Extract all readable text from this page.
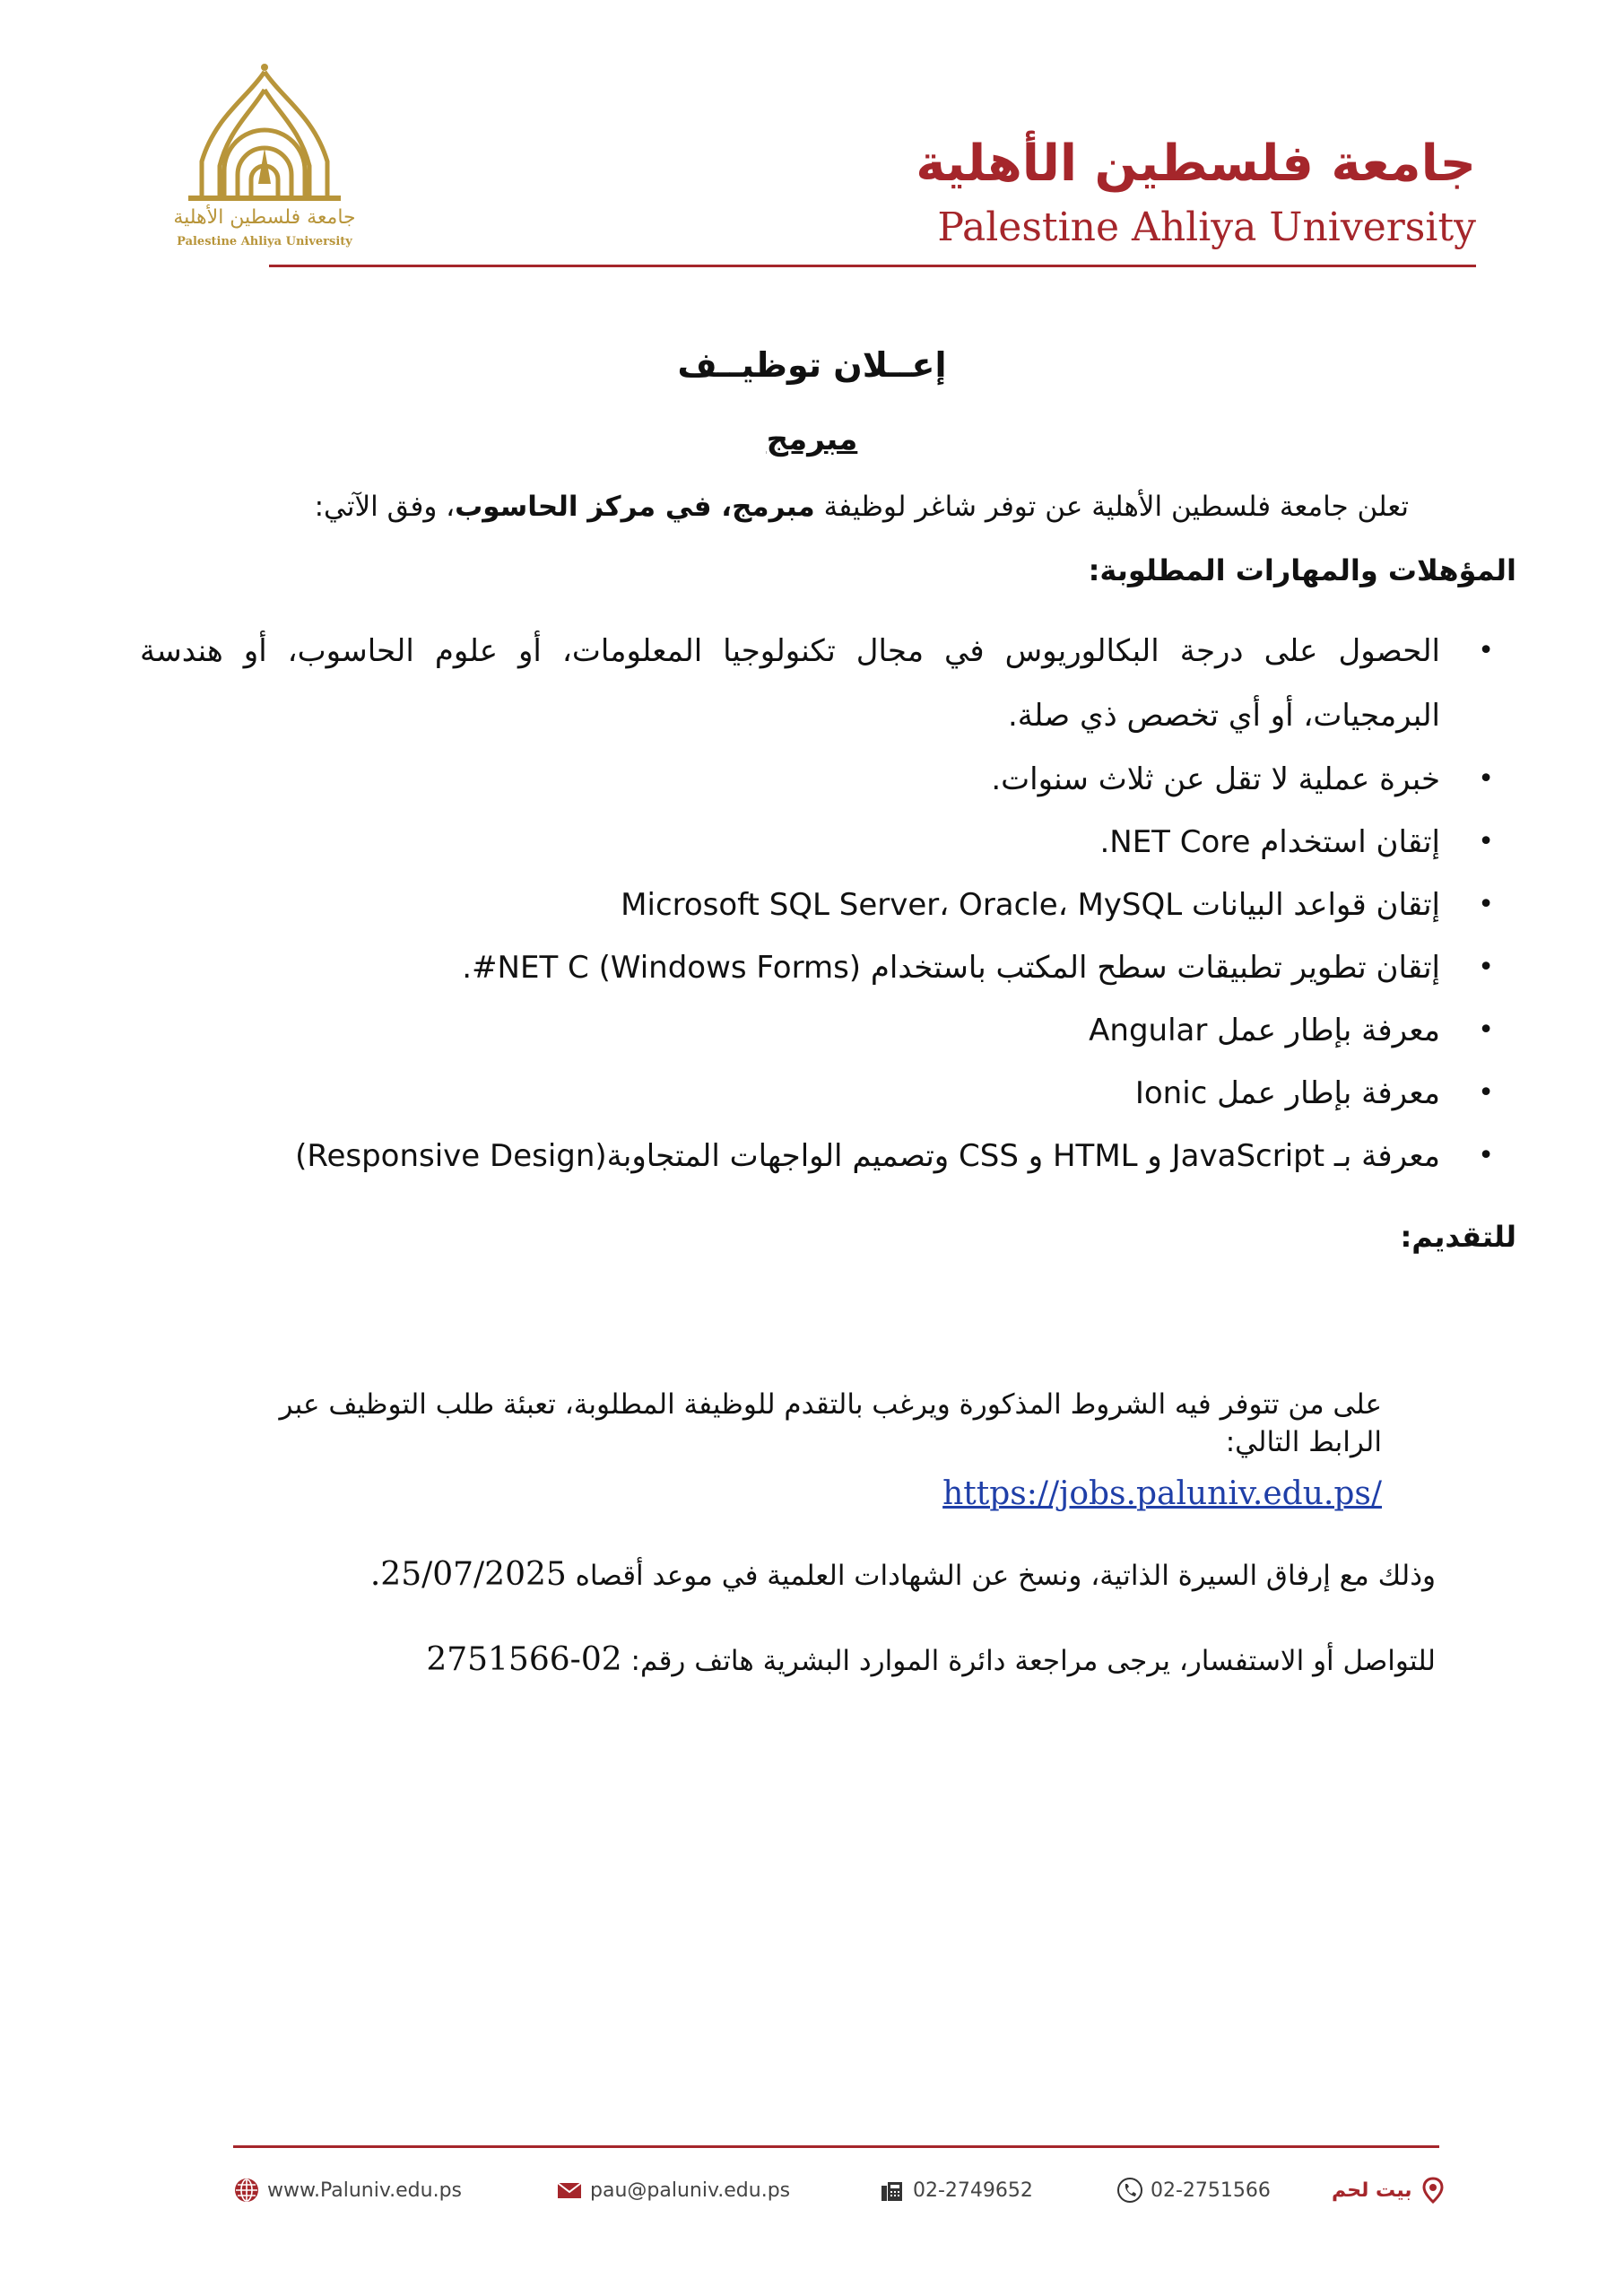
جامعة فلسطين الأهلية
Palestine Ahliya University
جامعة فلسطين الأهلية
Palestine Ahliya University
إعــلان توظيــف
مبرمج
تعلن جامعة فلسطين الأهلية عن توفر شاغر لوظيفة مبرمج، في مركز الحاسوب، وفق الآتي:
المؤهلات والمهارات المطلوبة:
•
الحصول على درجة البكالوريوس في مجال تكنولوجيا المعلومات، أو علوم الحاسوب، أو هندسة البرمجيات، أو أي تخصص ذي صلة.
•
خبرة عملية لا تقل عن ثلاث سنوات.
•
إتقان استخدام NET Core.
•
إتقان قواعد البيانات Microsoft SQL Server، Oracle، MySQL
•
إتقان تطوير تطبيقات سطح المكتب باستخدام (Windows Forms) NET C#.
•
معرفة بإطار عمل Angular
•
معرفة بإطار عمل Ionic
•
معرفة بـ JavaScript و HTML و CSS وتصميم الواجهات المتجاوبة(Responsive Design)
للتقديم:
على من تتوفر فيه الشروط المذكورة ويرغب بالتقدم للوظيفة المطلوبة، تعبئة طلب التوظيف عبر الرابط التالي:
https://jobs.paluniv.edu.ps/
وذلك مع إرفاق السيرة الذاتية، ونسخ عن الشهادات العلمية في موعد أقصاه 25/07/2025.
للتواصل أو الاستفسار، يرجى مراجعة دائرة الموارد البشرية هاتف رقم: 02-2751566
www.Paluniv.edu.ps	pau@paluniv.edu.ps	02-2749652	02-2751566	بيت لحم
